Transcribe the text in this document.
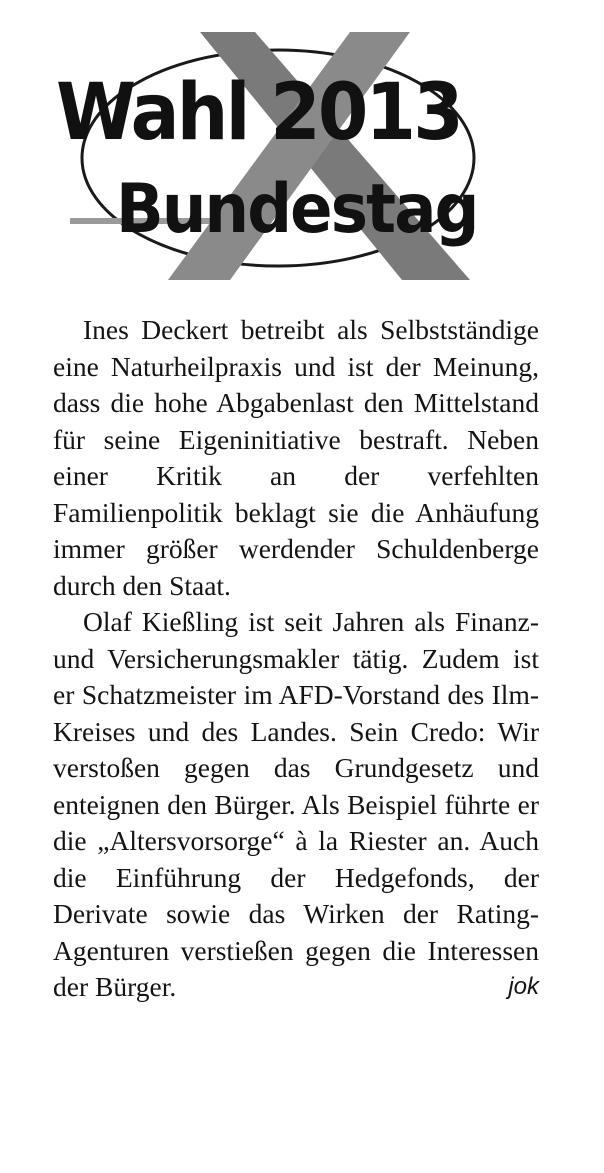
Wahl 2013
Bundestag

Ines Deckert betreibt als Selbstständige eine Naturheilpraxis und ist der Meinung, dass die hohe Abgabenlast den Mittelstand für seine Eigeninitiative bestraft. Neben einer Kritik an der verfehlten Familienpolitik beklagt sie die Anhäufung immer größer werdender Schuldenberge durch den Staat.

Olaf Kießling ist seit Jahren als Finanz- und Versicherungsmakler tätig. Zudem ist er Schatzmeister im AFD-Vorstand des Ilm-Kreises und des Landes. Sein Credo: Wir verstoßen gegen das Grundgesetz und enteignen den Bürger. Als Beispiel führte er die „Altersvorsorge“ à la Riester an. Auch die Einführung der Hedgefonds, der Derivate sowie das Wirken der Rating-Agenturen verstießen gegen die Interessen der Bürger.	jok
